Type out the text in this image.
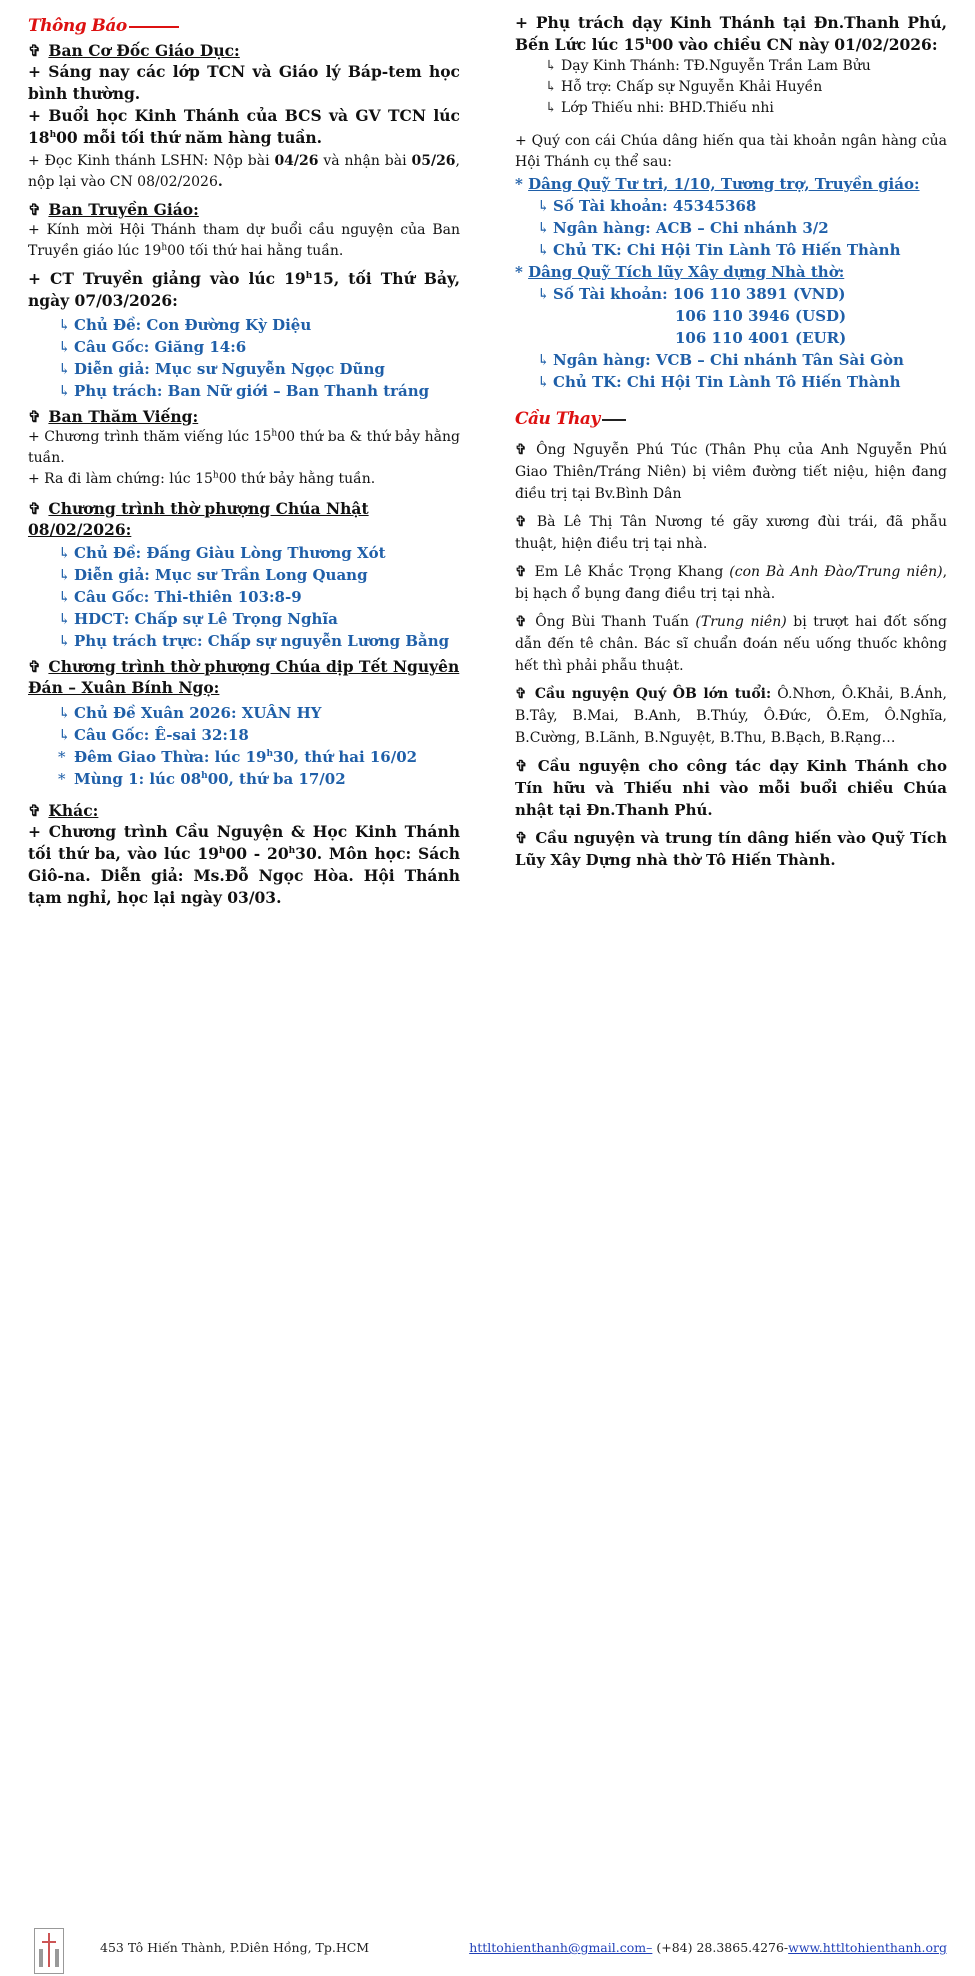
Thông Báo

✞ Ban Cơ Đốc Giáo Dục:

+ Sáng nay các lớp TCN và Giáo lý Báp-tem học bình thường.

+ Buổi học Kinh Thánh của BCS và GV TCN lúc 18$^h$00 mỗi tối thứ năm hàng tuần.

+ Đọc Kinh thánh LSHN: Nộp bài 04/26 và nhận bài 05/26, nộp lại vào CN 08/02/2026.

✞ Ban Truyền Giáo:

+ Kính mời Hội Thánh tham dự buổi cầu nguyện của Ban Truyền giáo lúc 19$^h$00 tối thứ hai hằng tuần.

+ CT Truyền giảng vào lúc 19$^h$15, tối Thứ Bảy, ngày 07/03/2026:

↳ Chủ Đề: Con Đường Kỳ Diệu
↳ Câu Gốc: Giăng 14:6
↳ Diễn giả: Mục sư Nguyễn Ngọc Dũng
↳ Phụ trách: Ban Nữ giới – Ban Thanh tráng

✞ Ban Thăm Viếng:

+ Chương trình thăm viếng lúc 15$^h$00 thứ ba & thứ bảy hằng tuần.

+ Ra đi làm chứng: lúc 15$^h$00 thứ bảy hằng tuần.

✞ Chương trình thờ phượng Chúa Nhật 08/02/2026:

↳ Chủ Đề: Đấng Giàu Lòng Thương Xót
↳ Diễn giả: Mục sư Trần Long Quang
↳ Câu Gốc: Thi-thiên 103:8-9
↳ HDCT: Chấp sự Lê Trọng Nghĩa
↳ Phụ trách trực: Chấp sự nguyễn Lương Bằng

✞ Chương trình thờ phượng Chúa dịp Tết Nguyên Đán – Xuân Bính Ngọ:

↳ Chủ Đề Xuân 2026: XUÂN HY
↳ Câu Gốc: Ê-sai 32:18
* Đêm Giao Thừa: lúc 19$^h$30, thứ hai 16/02
* Mùng 1: lúc 08$^h$00, thứ ba 17/02

✞ Khác:

+ Chương trình Cầu Nguyện & Học Kinh Thánh tối thứ ba, vào lúc 19$^h$00 - 20$^h$30. Môn học: Sách Giô-na. Diễn giả: Ms.Đỗ Ngọc Hòa. Hội Thánh tạm nghỉ, học lại ngày 03/03.

+ Phụ trách dạy Kinh Thánh tại Đn.Thanh Phú, Bến Lức lúc 15$^h$00 vào chiều CN này 01/02/2026:

↳ Dạy Kinh Thánh: TĐ.Nguyễn Trần Lam Bửu
↳ Hỗ trợ: Chấp sự Nguyễn Khải Huyền
↳ Lớp Thiếu nhi: BHD.Thiếu nhi

+ Quý con cái Chúa dâng hiến qua tài khoản ngân hàng của Hội Thánh cụ thể sau:

* Dâng Quỹ Tư tri, 1/10, Tương trợ, Truyền giáo:

↳ Số Tài khoản: 45345368

↳ Ngân hàng: ACB – Chi nhánh 3/2

↳ Chủ TK: Chi Hội Tin Lành Tô Hiến Thành

* Dâng Quỹ Tích lũy Xây dựng Nhà thờ:

↳ Số Tài khoản: 106 110 3891 (VND)

106 110 3946 (USD)

106 110 4001 (EUR)

↳ Ngân hàng: VCB – Chi nhánh Tân Sài Gòn

↳ Chủ TK: Chi Hội Tin Lành Tô Hiến Thành

Cầu Thay

✞ Ông Nguyễn Phú Túc (Thân Phụ của Anh Nguyễn Phú Giao Thiên/Tráng Niên) bị viêm đường tiết niệu, hiện đang điều trị tại Bv.Bình Dân

✞ Bà Lê Thị Tân Nương té gãy xương đùi trái, đã phẫu thuật, hiện điều trị tại nhà.

✞ Em Lê Khắc Trọng Khang (con Bà Anh Đào/Trung niên), bị hạch ổ bụng đang điều trị tại nhà.

✞ Ông Bùi Thanh Tuấn (Trung niên) bị trượt hai đốt sống dẫn đến tê chân. Bác sĩ chuẩn đoán nếu uống thuốc không hết thì phải phẫu thuật.

✞ Cầu nguyện Quý ÔB lớn tuổi: Ô.Nhơn, Ô.Khải, B.Ánh, B.Tây, B.Mai, B.Anh, B.Thúy, Ô.Đức, Ô.Em, Ô.Nghĩa, B.Cường, B.Lãnh, B.Nguyệt, B.Thu, B.Bạch, B.Rạng…

✞ Cầu nguyện cho công tác dạy Kinh Thánh cho Tín hữu và Thiếu nhi vào mỗi buổi chiều Chúa nhật tại Đn.Thanh Phú.

✞ Cầu nguyện và trung tín dâng hiến vào Quỹ Tích Lũy Xây Dựng nhà thờ Tô Hiến Thành.

453 Tô Hiến Thành, P.Diên Hồng, Tp.HCM	httltohienthanh@gmail.com– (+84) 28.3865.4276-www.httltohienthanh.org
